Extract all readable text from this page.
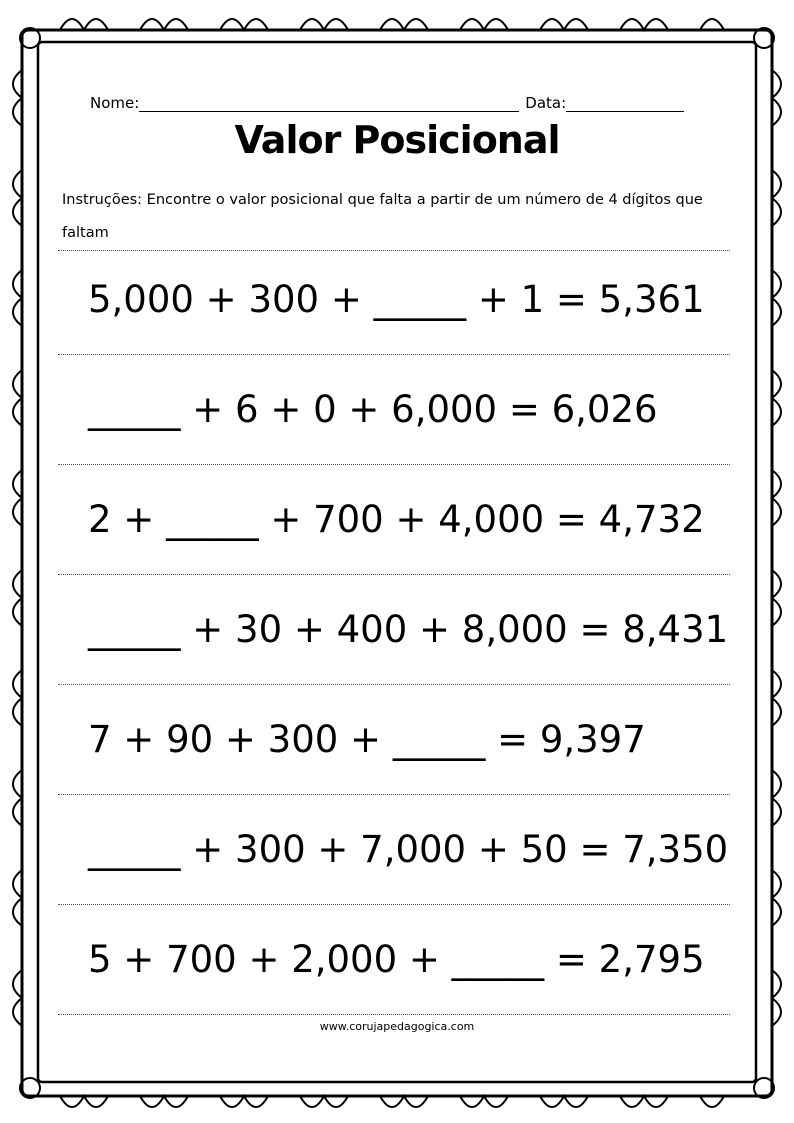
Nome:	Data:
Valor Posicional

Instruções: Encontre o valor posicional que falta a partir de um número de 4 dígitos que faltam

5,000 + 300 + _____ + 1 = 5,361
_____ + 6 + 0 + 6,000 = 6,026
2 + _____ + 700 + 4,000 = 4,732
_____ + 30 + 400 + 8,000 = 8,431
7 + 90 + 300 + _____ = 9,397
_____ + 300 + 7,000 + 50 = 7,350
5 + 700 + 2,000 + _____ = 2,795
www.corujapedagogica.com
